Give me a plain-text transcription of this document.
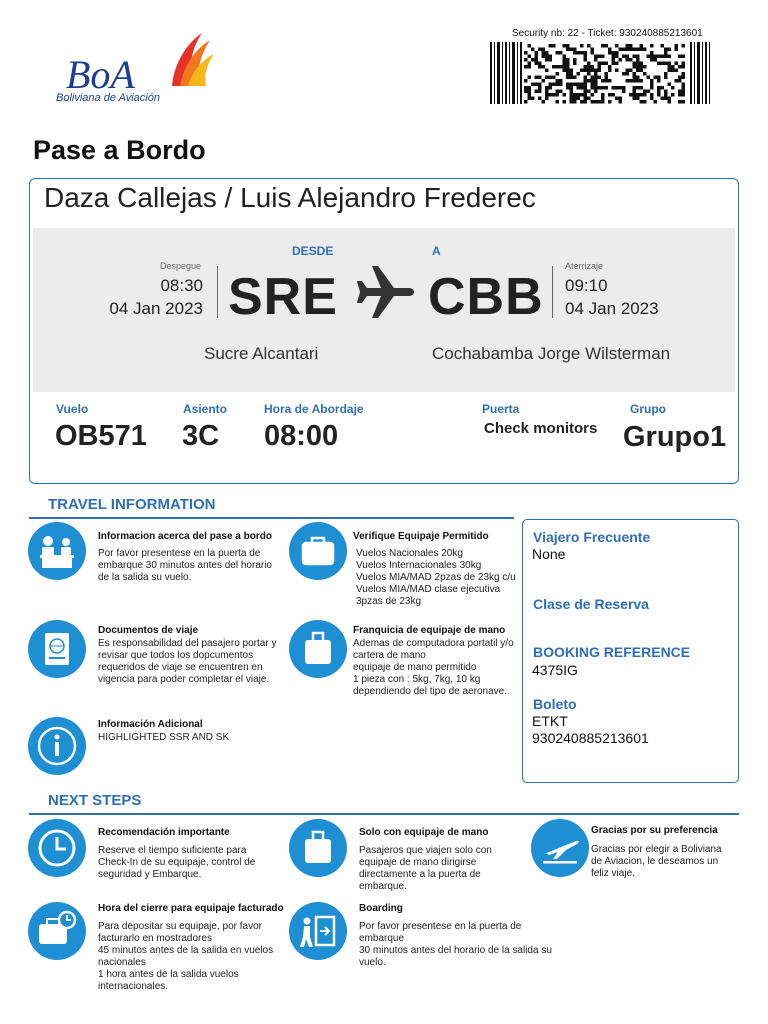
BoA
Boliviana de Aviación
Security nb: 22 - Ticket: 930240885213601
Pase a Bordo
Daza Callejas / Luis Alejandro Frederec
DESDE	A
Despegue
08:30
04 Jan 2023 SRE CBB
Aterrizaje
09:10
04 Jan 2023
Sucre Alcantari	Cochabamba Jorge Wilsterman
Vuelo
OB571
Asiento
3C
Hora de Abordaje
08:00
Puerta
Check monitors
Grupo
Grupo1
TRAVEL INFORMATION
Informacion acerca del pase a bordo
Por favor presentese en la puerta de
embarque 30 minutos antes del horario
de la salida su vuelo.
Verifique Equipaje Permitido
Vuelos Nacionales 20kg
Vuelos Internacionales 30kg
Vuelos MIA/MAD 2pzas de 23kg c/u
Vuelos MIA/MAD clase ejecutiva
3pzas de 23kg
Documentos de viaje
Es responsabilidad del pasajero portar y
revisar que todos los dopcumentos
requeridos de viaje se encuentren en
vigencia para poder completar el viaje.
Franquicia de equipaje de mano
Ademas de computadora portatil y/o
cartera de mano
equipaje de mano permitido
1 pieza con : 5kg, 7kg, 10 kg
dependiendo del tipo de aeronave.
Información Adicional
HIGHLIGHTED SSR AND SK
Viajero Frecuente
None
Clase de Reserva
BOOKING REFERENCE
4375IG
Boleto
ETKT
930240885213601
NEXT STEPS
Recomendación importante
Reserve el tiempo suficiente para
Check-In de su equipaje, control de
seguridad y Embarque.
Solo con equipaje de mano
Pasajeros que viajen solo con
equipaje de mano dirigirse
directamente a la puerta de
embarque.
Gracias por su preferencia
Gracias por elegir a Boliviana
de Aviacion, le deseamos un
feliz viaje.
Hora del cierre para equipaje facturado
Para depositar su equipaje, por favor
facturarlo en mostradores
45 minutos antes de la salida en vuelos
nacionales
1 hora antes de la salida vuelos
internacionales.
Boarding
Por favor presentese en la puerta de embarque
30 minutos antes del horario de la salida su
vuelo.
